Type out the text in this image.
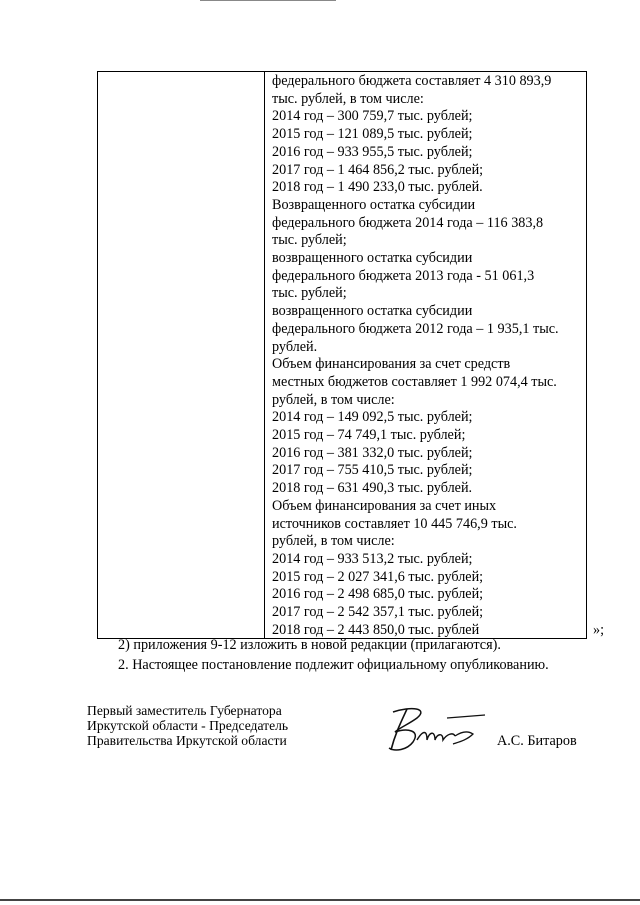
федерального бюджета составляет 4 310 893,9
тыс. рублей, в том числе:
2014 год – 300 759,7 тыс. рублей;
2015 год – 121 089,5 тыс. рублей;
2016 год – 933 955,5 тыс. рублей;
2017 год – 1 464 856,2 тыс. рублей;
2018 год – 1 490 233,0 тыс. рублей.
Возвращенного остатка субсидии
федерального бюджета 2014 года – 116 383,8
тыс. рублей;
возвращенного остатка субсидии
федерального бюджета 2013 года - 51 061,3
тыс. рублей;
возвращенного остатка субсидии
федерального бюджета 2012 года – 1 935,1 тыс.
рублей.
Объем финансирования за счет средств
местных бюджетов составляет 1 992 074,4 тыс.
рублей, в том числе:
2014 год – 149 092,5 тыс. рублей;
2015 год – 74 749,1 тыс. рублей;
2016 год – 381 332,0 тыс. рублей;
2017 год – 755 410,5 тыс. рублей;
2018 год – 631 490,3 тыс. рублей.
Объем финансирования за счет иных
источников составляет 10 445 746,9 тыс.
рублей, в том числе:
2014 год – 933 513,2 тыс. рублей;
2015 год – 2 027 341,6 тыс. рублей;
2016 год – 2 498 685,0 тыс. рублей;
2017 год – 2 542 357,1 тыс. рублей;
2018 год – 2 443 850,0 тыс. рублей	»;
2) приложения 9-12 изложить в новой редакции (прилагаются).
2. Настоящее постановление подлежит официальному опубликованию.
Первый заместитель Губернатора
Иркутской области - Председатель
Правительства Иркутской области	А.С. Битаров
